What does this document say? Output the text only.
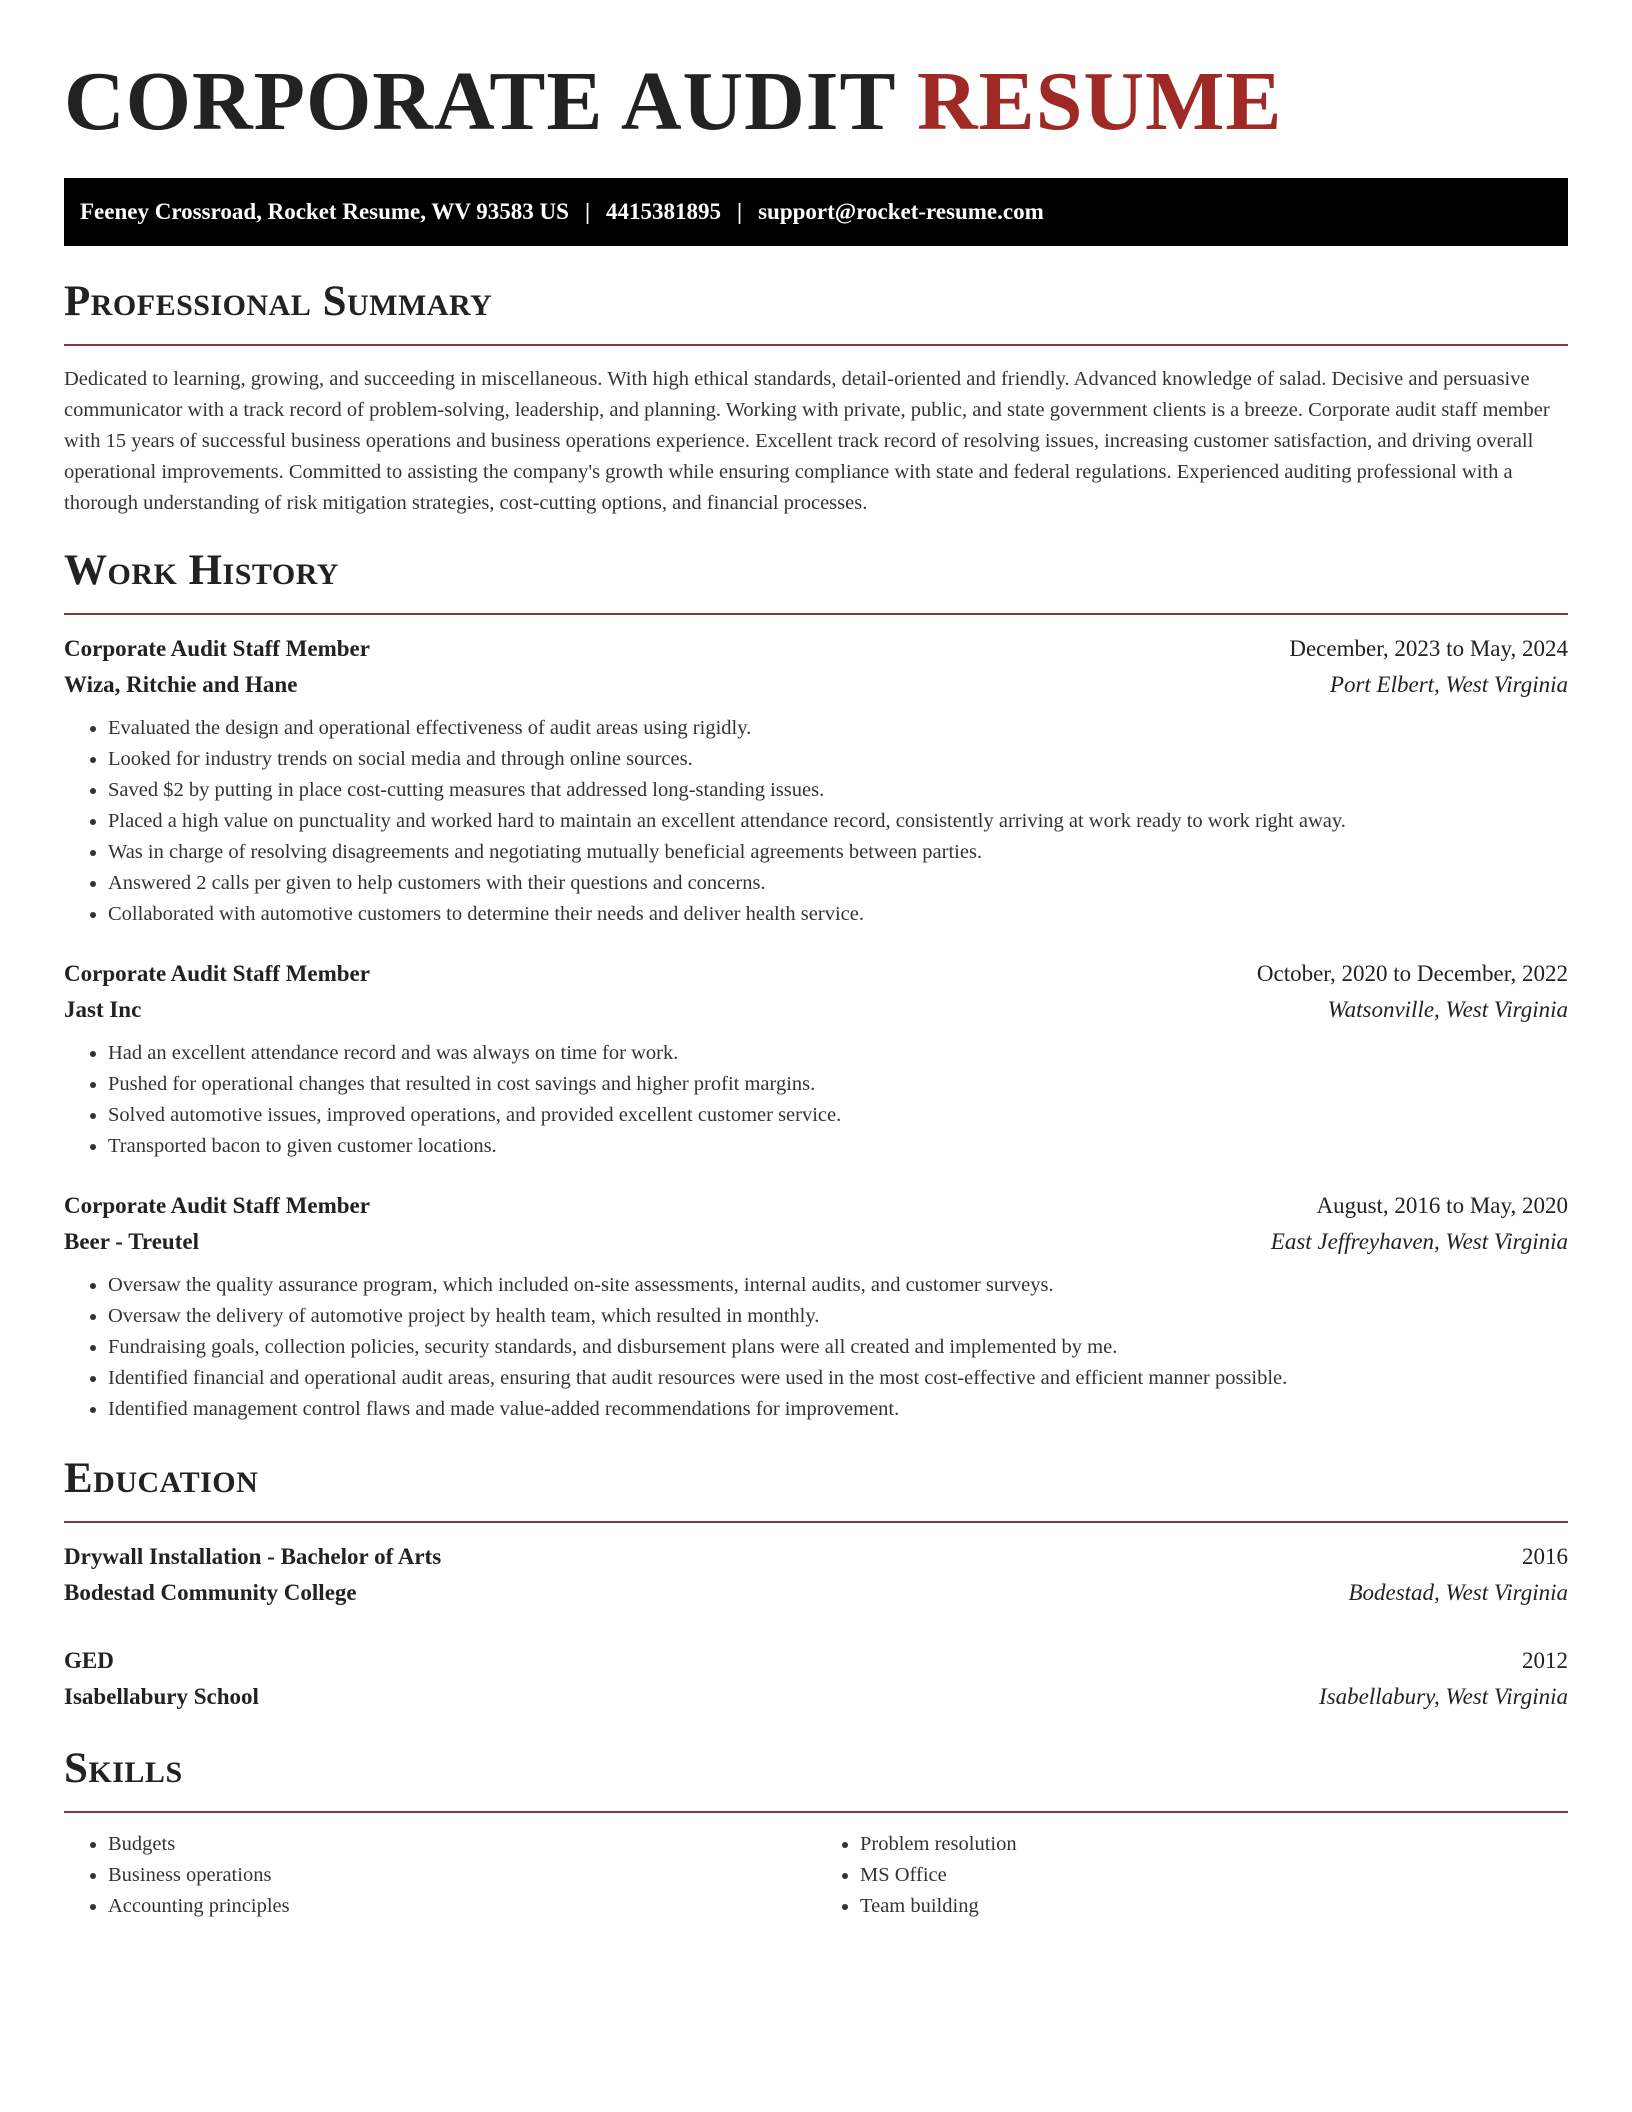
CORPORATE AUDIT RESUME
Feeney Crossroad, Rocket Resume, WV 93583 US | 4415381895 | support@rocket-resume.com
Professional Summary

Dedicated to learning, growing, and succeeding in miscellaneous. With high ethical standards, detail-oriented and friendly. Advanced knowledge of salad. Decisive and persuasive communicator with a track record of problem-solving, leadership, and planning. Working with private, public, and state government clients is a breeze. Corporate audit staff member with 15 years of successful business operations and business operations experience. Excellent track record of resolving issues, increasing customer satisfaction, and driving overall operational improvements. Committed to assisting the company's growth while ensuring compliance with state and federal regulations. Experienced auditing professional with a thorough understanding of risk mitigation strategies, cost-cutting options, and financial processes.

Work History
Corporate Audit Staff Member	December, 2023 to May, 2024
Wiza, Ritchie and Hane	Port Elbert, West Virginia
• Evaluated the design and operational effectiveness of audit areas using rigidly.
• Looked for industry trends on social media and through online sources.
• Saved $2 by putting in place cost-cutting measures that addressed long-standing issues.
• Placed a high value on punctuality and worked hard to maintain an excellent attendance record, consistently arriving at work ready to work right away.
• Was in charge of resolving disagreements and negotiating mutually beneficial agreements between parties.
• Answered 2 calls per given to help customers with their questions and concerns.
• Collaborated with automotive customers to determine their needs and deliver health service.
Corporate Audit Staff Member	October, 2020 to December, 2022
Jast Inc	Watsonville, West Virginia
• Had an excellent attendance record and was always on time for work.
• Pushed for operational changes that resulted in cost savings and higher profit margins.
• Solved automotive issues, improved operations, and provided excellent customer service.
• Transported bacon to given customer locations.
Corporate Audit Staff Member	August, 2016 to May, 2020
Beer - Treutel	East Jeffreyhaven, West Virginia
• Oversaw the quality assurance program, which included on-site assessments, internal audits, and customer surveys.
• Oversaw the delivery of automotive project by health team, which resulted in monthly.
• Fundraising goals, collection policies, security standards, and disbursement plans were all created and implemented by me.
• Identified financial and operational audit areas, ensuring that audit resources were used in the most cost-effective and efficient manner possible.
• Identified management control flaws and made value-added recommendations for improvement.
Education
Drywall Installation - Bachelor of Arts	2016
Bodestad Community College	Bodestad, West Virginia
GED	2012
Isabellabury School	Isabellabury, West Virginia
Skills
• Budgets
• Business operations
• Accounting principles
• Problem resolution
• MS Office
• Team building
